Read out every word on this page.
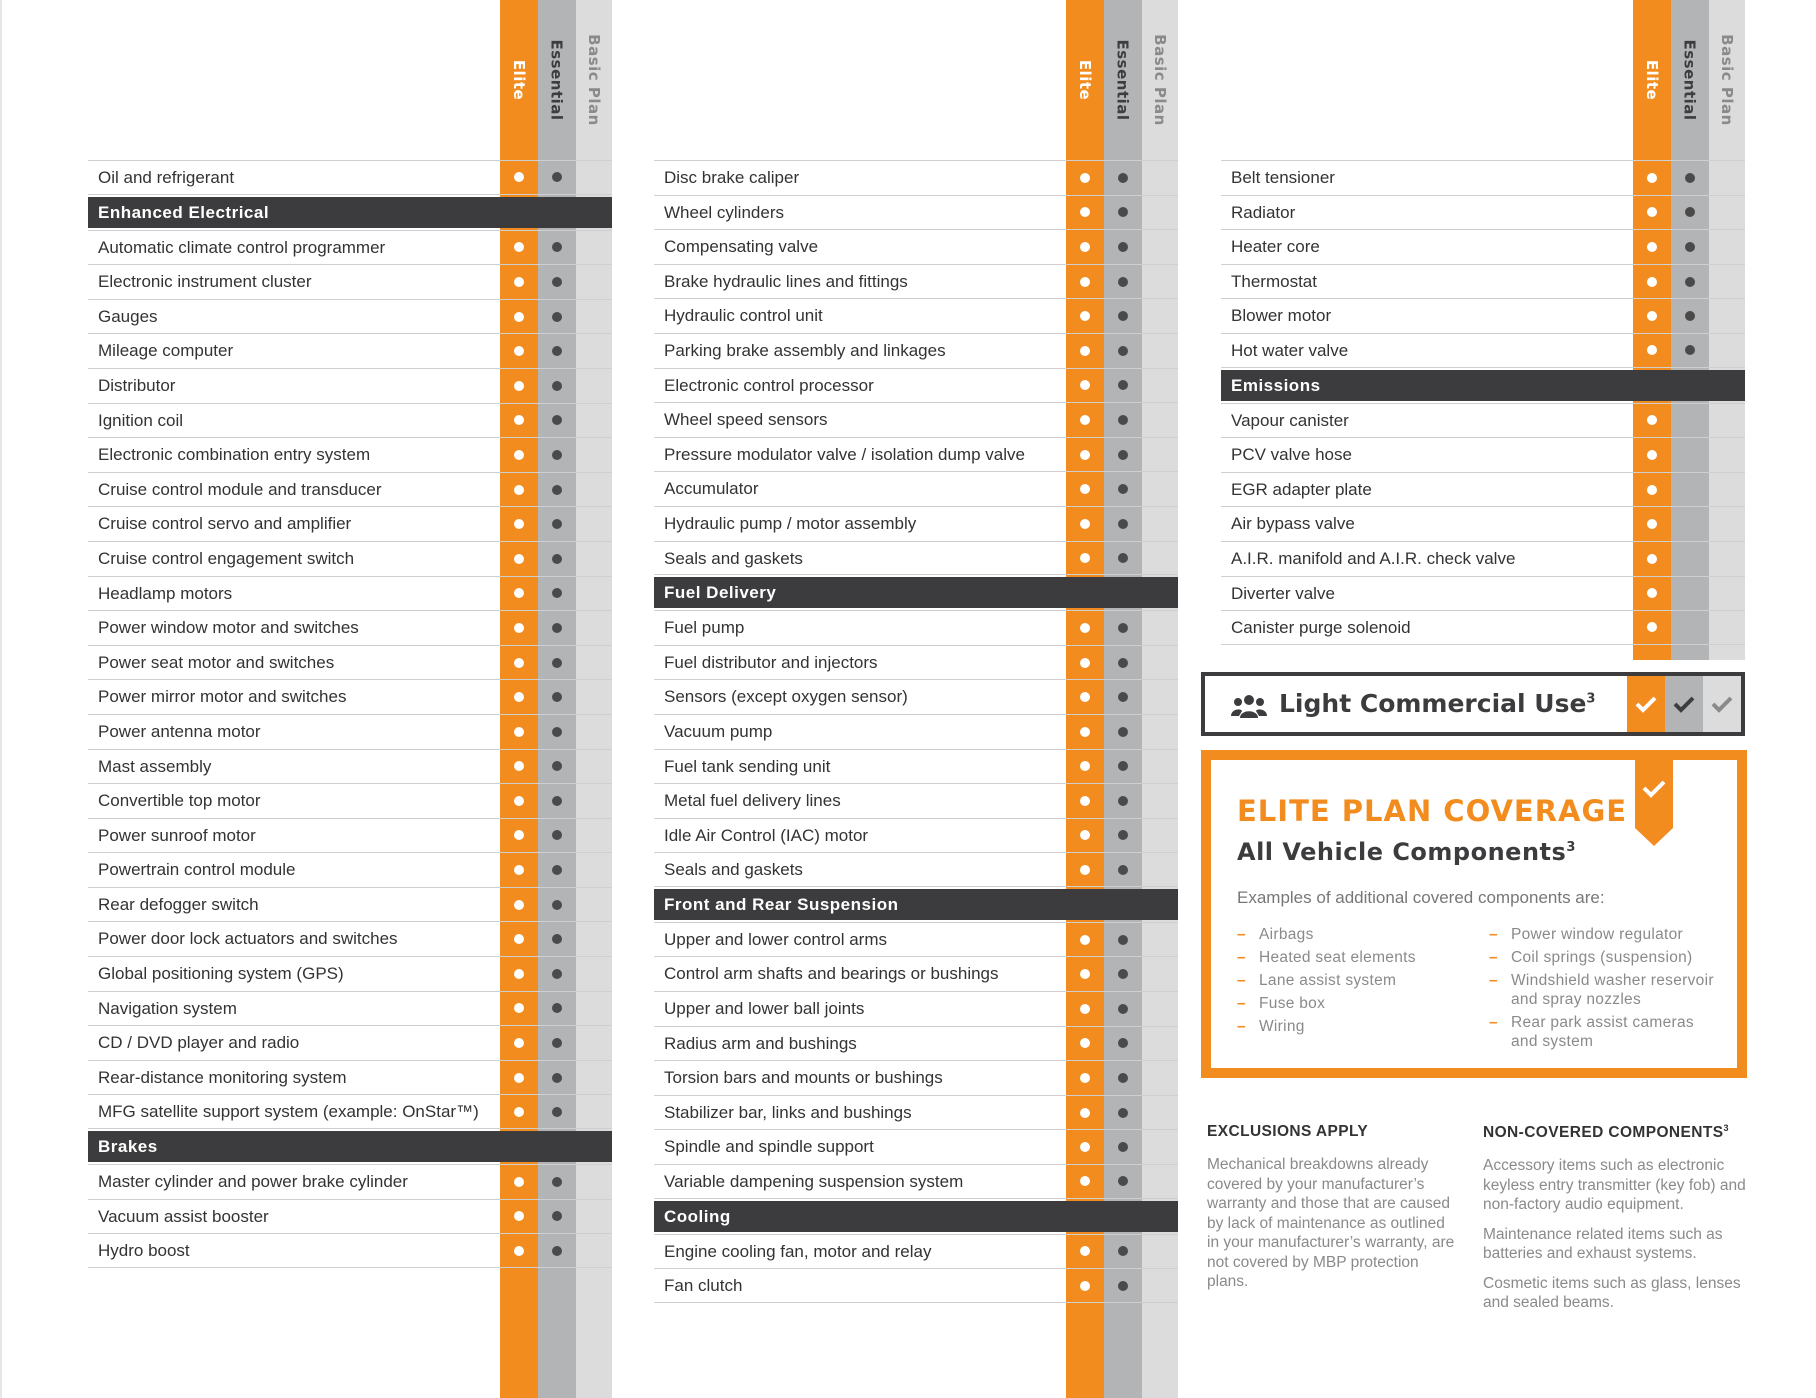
Elite Essential Basic Plan
Oil and refrigerant
Enhanced Electrical
Automatic climate control programmer
Electronic instrument cluster
Gauges
Mileage computer
Distributor
Ignition coil
Electronic combination entry system
Cruise control module and transducer
Cruise control servo and amplifier
Cruise control engagement switch
Headlamp motors
Power window motor and switches
Power seat motor and switches
Power mirror motor and switches
Power antenna motor
Mast assembly
Convertible top motor
Power sunroof motor
Powertrain control module
Rear defogger switch
Power door lock actuators and switches
Global positioning system (GPS)
Navigation system
CD / DVD player and radio
Rear-distance monitoring system
MFG satellite support system (example: OnStar™)
Brakes
Master cylinder and power brake cylinder
Vacuum assist booster
Hydro boost
Elite Essential Basic Plan
Disc brake caliper
Wheel cylinders
Compensating valve
Brake hydraulic lines and fittings
Hydraulic control unit
Parking brake assembly and linkages
Electronic control processor
Wheel speed sensors
Pressure modulator valve / isolation dump valve
Accumulator
Hydraulic pump / motor assembly
Seals and gaskets
Fuel Delivery
Fuel pump
Fuel distributor and injectors
Sensors (except oxygen sensor)
Vacuum pump
Fuel tank sending unit
Metal fuel delivery lines
Idle Air Control (IAC) motor
Seals and gaskets
Front and Rear Suspension
Upper and lower control arms
Control arm shafts and bearings or bushings
Upper and lower ball joints
Radius arm and bushings
Torsion bars and mounts or bushings
Stabilizer bar, links and bushings
Spindle and spindle support
Variable dampening suspension system
Cooling
Engine cooling fan, motor and relay
Fan clutch
Elite Essential Basic Plan
Belt tensioner
Radiator
Heater core
Thermostat
Blower motor
Hot water valve
Emissions
Vapour canister
PCV valve hose
EGR adapter plate
Air bypass valve
A.I.R. manifold and A.I.R. check valve
Diverter valve
Canister purge solenoid
Light Commercial Use$^3$
ELITE PLAN COVERAGE
All Vehicle Components$^3$
Examples of additional covered components are:
– Airbags
– Heated seat elements
– Lane assist system
– Fuse box
– Wiring
– Power window regulator
– Coil springs (suspension)
– Windshield washer reservoir and spray nozzles
– Rear park assist cameras and system
EXCLUSIONS APPLY

Mechanical breakdowns already covered by your manufacturer’s warranty and those that are caused by lack of maintenance as outlined in your manufacturer’s warranty, are not covered by MBP protection plans.

NON-COVERED COMPONENTS$^3$

Accessory items such as electronic keyless entry transmitter (key fob) and non-factory audio equipment.

Maintenance related items such as batteries and exhaust systems.

Cosmetic items such as glass, lenses and sealed beams.
